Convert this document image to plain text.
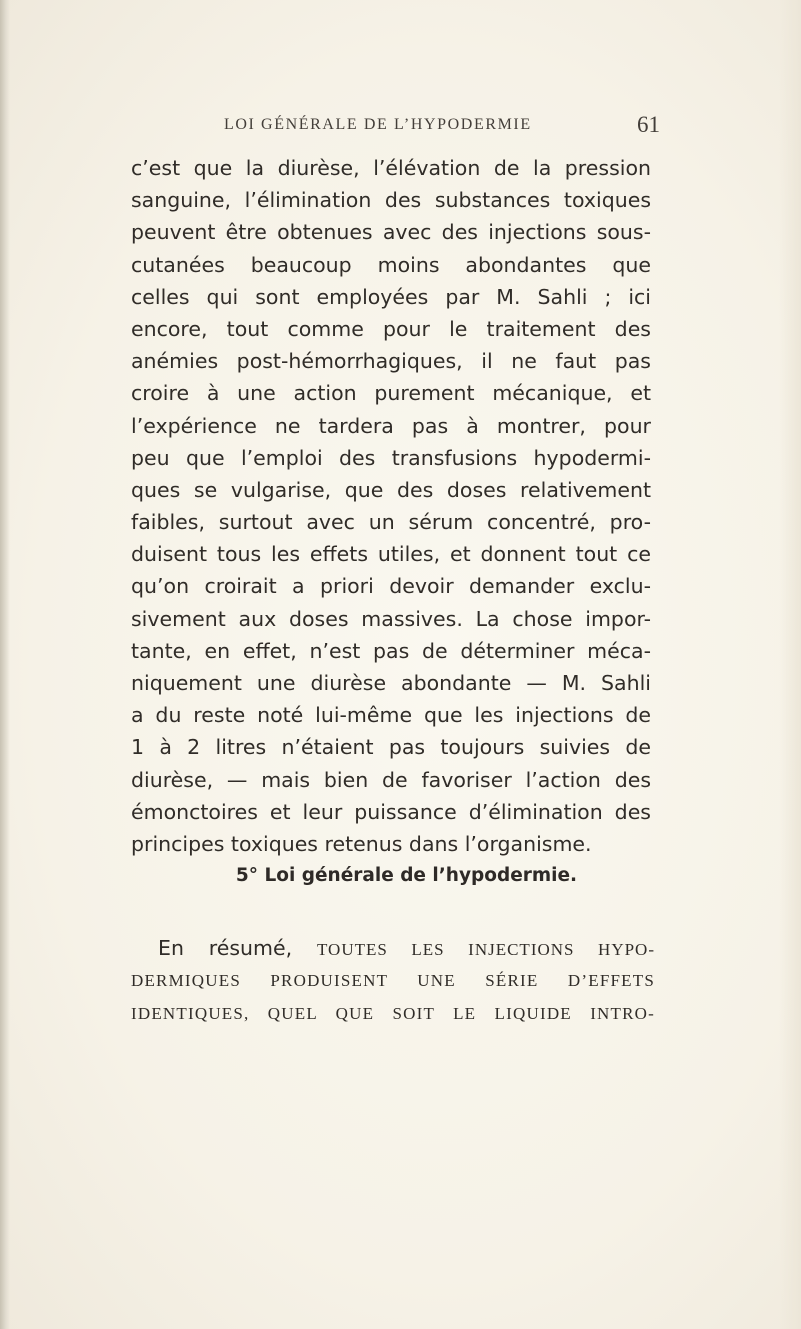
LOI GÉNÉRALE DE L’HYPODERMIE	61
c’est que la diurèse, l’élévation de la pression
sanguine, l’élimination des substances toxiques
peuvent être obtenues avec des injections sous-
cutanées beaucoup moins abondantes que
celles qui sont employées par M. Sahli ; ici
encore, tout comme pour le traitement des
anémies post-hémorrhagiques, il ne faut pas
croire à une action purement mécanique, et
l’expérience ne tardera pas à montrer, pour
peu que l’emploi des transfusions hypodermi-
ques se vulgarise, que des doses relativement
faibles, surtout avec un sérum concentré, pro-
duisent tous les effets utiles, et donnent tout ce
qu’on croirait a priori devoir demander exclu-
sivement aux doses massives. La chose impor-
tante, en effet, n’est pas de déterminer méca-
niquement une diurèse abondante — M. Sahli
a du reste noté lui-même que les injections de
1 à 2 litres n’étaient pas toujours suivies de
diurèse, — mais bien de favoriser l’action des
émonctoires et leur puissance d’élimination des
principes toxiques retenus dans l’organisme.
5° Loi générale de l’hypodermie.
En résumé, TOUTES LES INJECTIONS HYPO-
DERMIQUES PRODUISENT UNE SÉRIE D’EFFETS
IDENTIQUES, QUEL QUE SOIT LE LIQUIDE INTRO-
